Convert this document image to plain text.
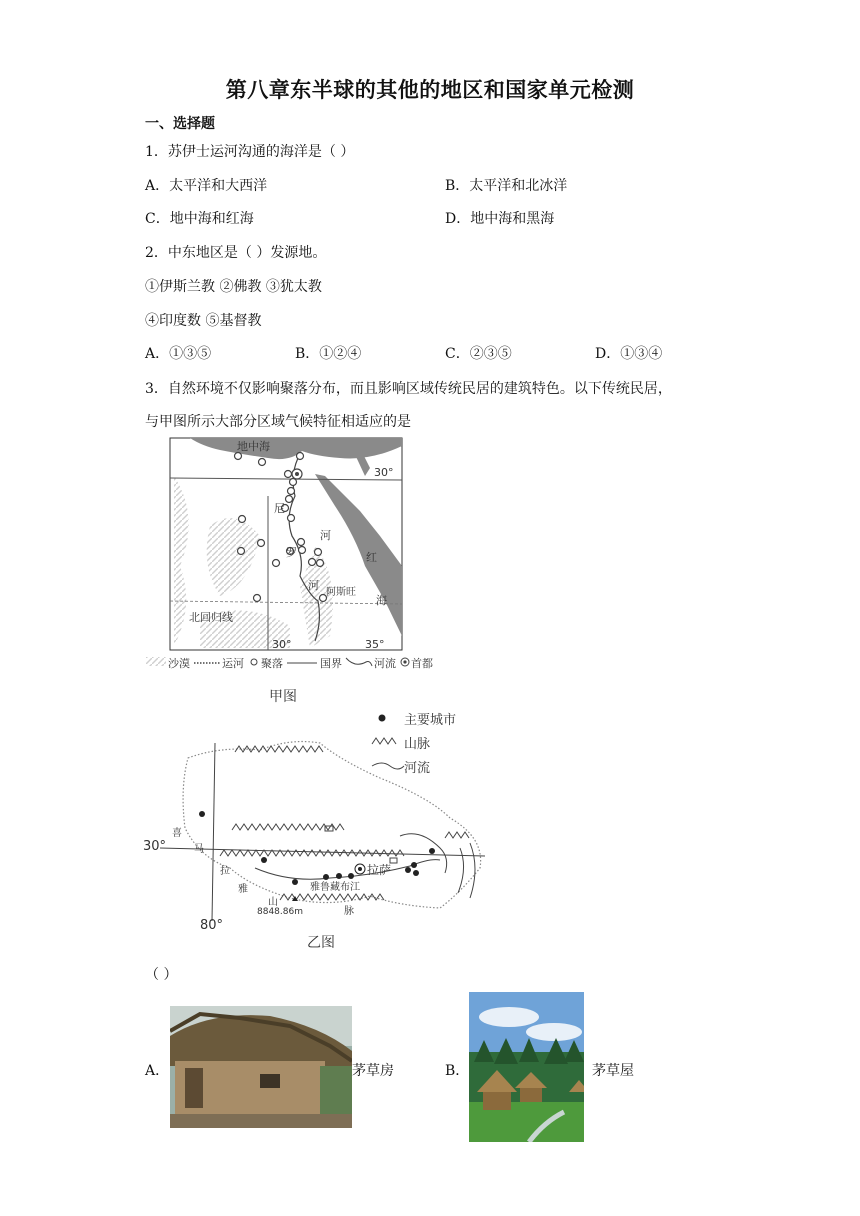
第八章东半球的其他的地区和国家单元检测
一、选择题
1．苏伊士运河沟通的海洋是（ ）
A．太平洋和大西洋	B．太平洋和北冰洋
C．地中海和红海	D．地中海和黑海
2．中东地区是（ ）发源地。
①伊斯兰教 ②佛教 ③犹太教
④印度数 ⑤基督教
A．①③⑤	B．①②④	C．②③⑤	D．①③④
3．自然环境不仅影响聚落分布，而且影响区域传统民居的建筑特色。以下传统民居，
与甲图所示大部分区域气候特征相适应的是
地中海
30°
尼
河
罗	红
河
阿斯旺
海
北回归线
30°	35°
沙漠	运河 聚落	国界	河流 首都
甲图
主要城市
山脉
河流
拉萨
雅鲁藏布江
8848.86m
30°
80°
喜
马
拉
雅
山
脉
乙图
（ ）
A．	茅草房	B．	茅草屋
